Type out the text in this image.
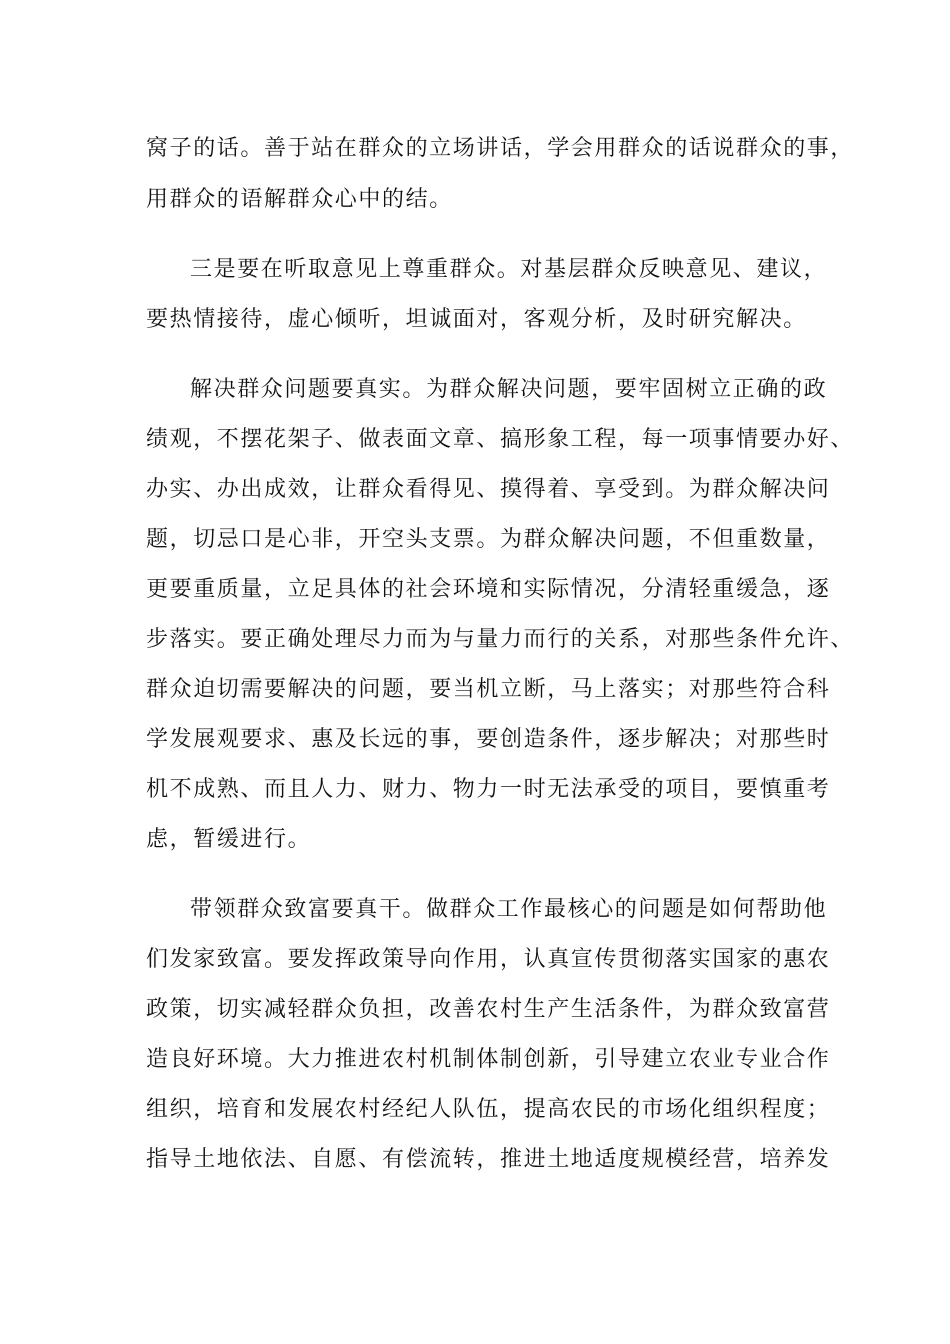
窝子的话。善于站在群众的立场讲话，学会用群众的话说群众的事，
用群众的语解群众心中的结。
三是要在听取意见上尊重群众。对基层群众反映意见、建议，
要热情接待，虚心倾听，坦诚面对，客观分析，及时研究解决。
解决群众问题要真实。为群众解决问题，要牢固树立正确的政
绩观，不摆花架子、做表面文章、搞形象工程，每一项事情要办好、
办实、办出成效，让群众看得见、摸得着、享受到。为群众解决问
题，切忌口是心非，开空头支票。为群众解决问题，不但重数量，
更要重质量，立足具体的社会环境和实际情况，分清轻重缓急，逐
步落实。要正确处理尽力而为与量力而行的关系，对那些条件允许、
群众迫切需要解决的问题，要当机立断，马上落实；对那些符合科
学发展观要求、惠及长远的事，要创造条件，逐步解决；对那些时
机不成熟、而且人力、财力、物力一时无法承受的项目，要慎重考
虑，暂缓进行。
带领群众致富要真干。做群众工作最核心的问题是如何帮助他
们发家致富。要发挥政策导向作用，认真宣传贯彻落实国家的惠农
政策，切实减轻群众负担，改善农村生产生活条件，为群众致富营
造良好环境。大力推进农村机制体制创新，引导建立农业专业合作
组织，培育和发展农村经纪人队伍，提高农民的市场化组织程度；
指导土地依法、自愿、有偿流转，推进土地适度规模经营，培养发
